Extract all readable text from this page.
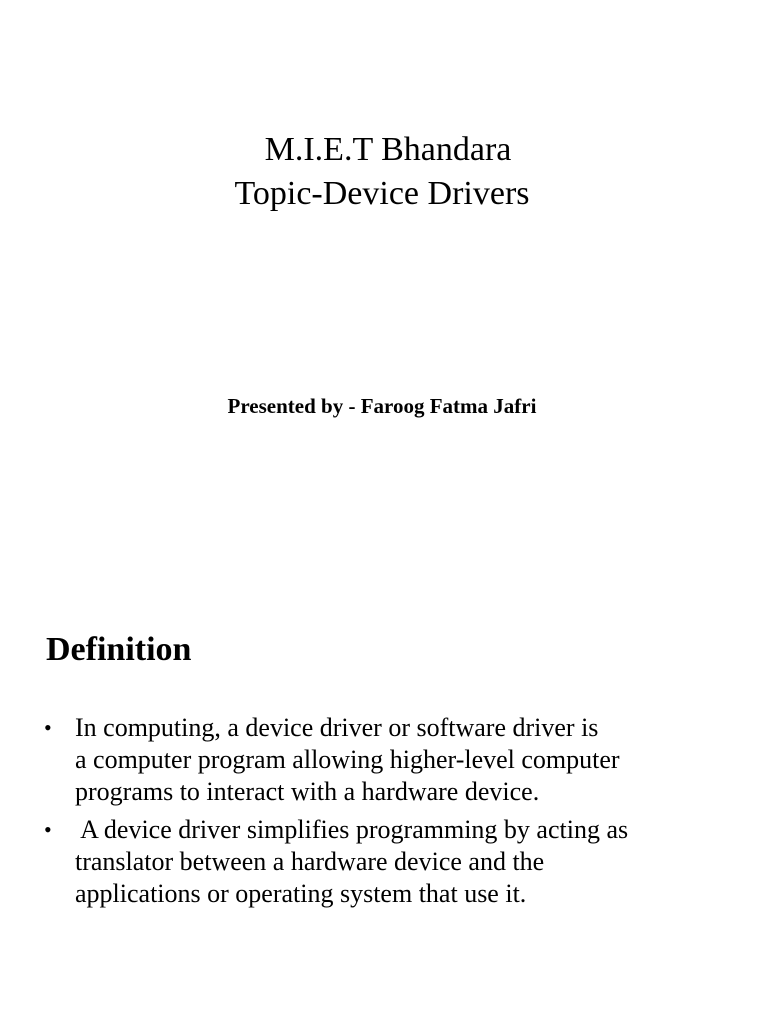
M.I.E.T Bhandara
Topic-Device Drivers
Presented by - Faroog Fatma Jafri
Definition
• In computing, a device driver or software driver is
a computer program allowing higher-level computer
programs to interact with a hardware device.
• A device driver simplifies programming by acting as
translator between a hardware device and the
applications or operating system that use it.
